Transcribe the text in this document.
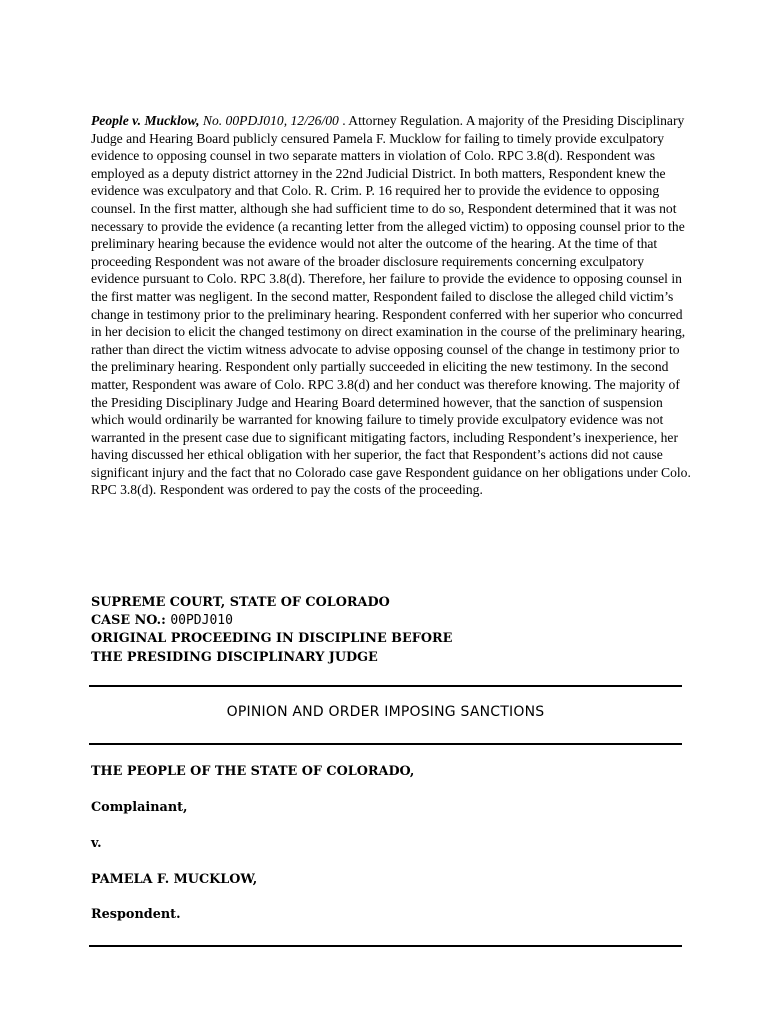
People v. Mucklow, No. 00PDJ010, 12/26/00 . Attorney Regulation. A majority of the Presiding Disciplinary Judge and Hearing Board publicly censured Pamela F. Mucklow for failing to timely provide exculpatory evidence to opposing counsel in two separate matters in violation of Colo. RPC 3.8(d). Respondent was employed as a deputy district attorney in the 22nd Judicial District. In both matters, Respondent knew the evidence was exculpatory and that Colo. R. Crim. P. 16 required her to provide the evidence to opposing counsel. In the first matter, although she had sufficient time to do so, Respondent determined that it was not necessary to provide the evidence (a recanting letter from the alleged victim) to opposing counsel prior to the preliminary hearing because the evidence would not alter the outcome of the hearing. At the time of that proceeding Respondent was not aware of the broader disclosure requirements concerning exculpatory evidence pursuant to Colo. RPC 3.8(d). Therefore, her failure to provide the evidence to opposing counsel in the first matter was negligent. In the second matter, Respondent failed to disclose the alleged child victim’s change in testimony prior to the preliminary hearing. Respondent conferred with her superior who concurred in her decision to elicit the changed testimony on direct examination in the course of the preliminary hearing, rather than direct the victim witness advocate to advise opposing counsel of the change in testimony prior to the preliminary hearing. Respondent only partially succeeded in eliciting the new testimony. In the second matter, Respondent was aware of Colo. RPC 3.8(d) and her conduct was therefore knowing. The majority of the Presiding Disciplinary Judge and Hearing Board determined however, that the sanction of suspension which would ordinarily be warranted for knowing failure to timely provide exculpatory evidence was not warranted in the present case due to significant mitigating factors, including Respondent’s inexperience, her having discussed her ethical obligation with her superior, the fact that Respondent’s actions did not cause significant injury and the fact that no Colorado case gave Respondent guidance on her obligations under Colo. RPC 3.8(d). Respondent was ordered to pay the costs of the proceeding.

SUPREME COURT, STATE OF COLORADO
CASE NO.: 00PDJ010
ORIGINAL PROCEEDING IN DISCIPLINE BEFORE
THE PRESIDING DISCIPLINARY JUDGE
OPINION AND ORDER IMPOSING SANCTIONS
THE PEOPLE OF THE STATE OF COLORADO,
Complainant,
v.
PAMELA F. MUCKLOW,
Respondent.
